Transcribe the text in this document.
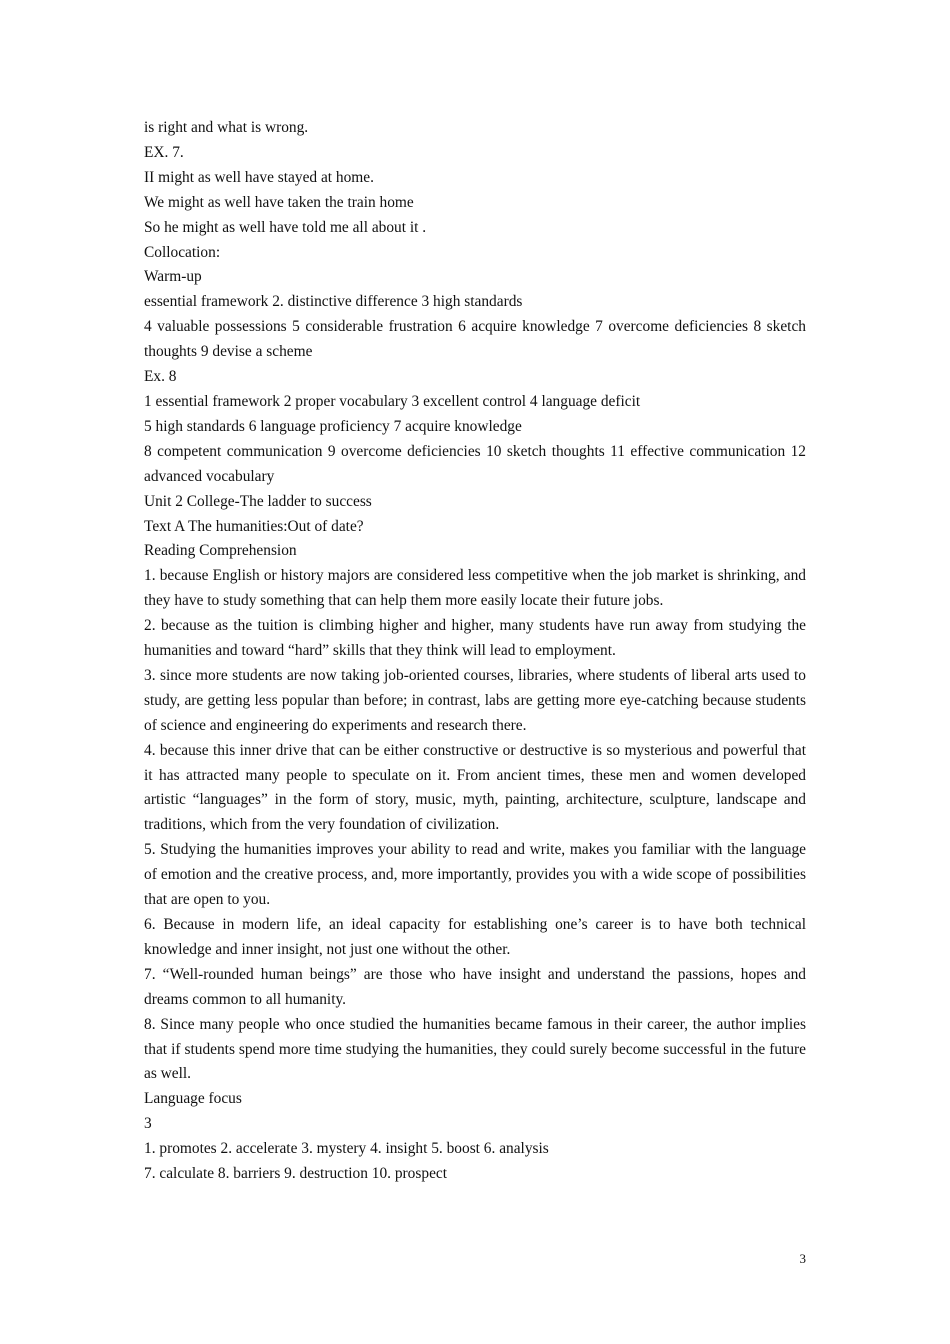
is right and what is wrong.
EX. 7.
II might as well have stayed at home.
We might as well have taken the train home
So he might as well have told me all about it .
Collocation:
Warm-up
essential framework 2. distinctive difference 3 high standards
4 valuable possessions 5 considerable frustration 6 acquire knowledge 7 overcome deficiencies 8 sketch thoughts 9 devise a scheme
Ex. 8
1 essential framework 2 proper vocabulary 3 excellent control 4 language deficit
5 high standards 6 language proficiency 7 acquire knowledge
8 competent communication 9 overcome deficiencies 10 sketch thoughts 11 effective communication 12 advanced vocabulary
Unit 2 College-The ladder to success
Text A The humanities:Out of date?
Reading Comprehension
1. because English or history majors are considered less competitive when the job market is shrinking, and they have to study something that can help them more easily locate their future jobs.
2. because as the tuition is climbing higher and higher, many students have run away from studying the humanities and toward “hard” skills that they think will lead to employment.
3. since more students are now taking job-oriented courses, libraries, where students of liberal arts used to study, are getting less popular than before; in contrast, labs are getting more eye-catching because students of science and engineering do experiments and research there.
4. because this inner drive that can be either constructive or destructive is so mysterious and powerful that it has attracted many people to speculate on it. From ancient times, these men and women developed artistic “languages” in the form of story, music, myth, painting, architecture, sculpture, landscape and traditions, which from the very foundation of civilization.
5. Studying the humanities improves your ability to read and write, makes you familiar with the language of emotion and the creative process, and, more importantly, provides you with a wide scope of possibilities that are open to you.
6. Because in modern life, an ideal capacity for establishing one’s career is to have both technical knowledge and inner insight, not just one without the other.
7. “Well-rounded human beings” are those who have insight and understand the passions, hopes and dreams common to all humanity.
8. Since many people who once studied the humanities became famous in their career, the author implies that if students spend more time studying the humanities, they could surely become successful in the future as well.
Language focus
3
1. promotes 2. accelerate 3. mystery 4. insight 5. boost 6. analysis
7. calculate 8. barriers 9. destruction 10. prospect
3
